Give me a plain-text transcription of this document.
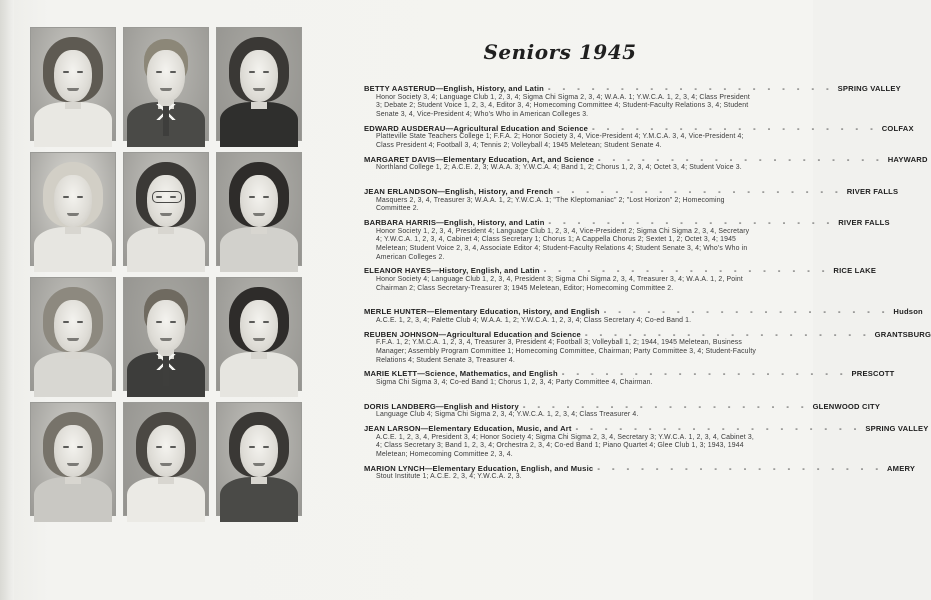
Seniors 1945
BETTY AASTERUD—English, History, and Latin - - - - - - - - - - - - - - - - - - - - SPRING VALLEY
Honor Society 3, 4; Language Club 1, 2, 3, 4; Sigma Chi Sigma 2, 3, 4; W.A.A. 1; Y.W.C.A. 1, 2, 3, 4; Class President 3; Debate 2; Student Voice 1, 2, 3, 4, Editor 3, 4; Homecoming Committee 4; Student-Faculty Relations 3, 4; Student Senate 3, 4, Vice-President 4; Who's Who in American Colleges 3.
EDWARD AUSDERAU—Agricultural Education and Science - - - - - - - - - - - - - - - - - - - - COLFAX
Platteville State Teachers College 1; F.F.A. 2; Honor Society 3, 4, Vice-President 4; Y.M.C.A. 3, 4, Vice-President 4; Class President 4; Football 3, 4; Tennis 2; Volleyball 4; 1945 Meletean; Student Senate 4.
MARGARET DAVIS—Elementary Education, Art, and Science - - - - - - - - - - - - - - - - - - - - HAYWARD
Northland College 1, 2; A.C.E. 2, 3; W.A.A. 3; Y.W.C.A. 4; Band 1, 2; Chorus 1, 2, 3, 4; Octet 3, 4; Student Voice 3.
JEAN ERLANDSON—English, History, and French - - - - - - - - - - - - - - - - - - - - RIVER FALLS
Masquers 2, 3, 4, Treasurer 3; W.A.A. 1, 2; Y.W.C.A. 1; "The Kleptomaniac" 2; "Lost Horizon" 2; Homecoming Committee 2.
BARBARA HARRIS—English, History, and Latin - - - - - - - - - - - - - - - - - - - - RIVER FALLS
Honor Society 1, 2, 3, 4, President 4; Language Club 1, 2, 3, 4, Vice-President 2; Sigma Chi Sigma 2, 3, 4, Secretary 4; Y.W.C.A. 1, 2, 3, 4, Cabinet 4; Class Secretary 1; Chorus 1; A Cappella Chorus 2; Sextet 1, 2; Octet 3, 4; 1945 Meletean; Student Voice 2, 3, 4, Associate Editor 4; Student-Faculty Relations 4; Student Senate 3, 4; Who's Who in American Colleges 2.
ELEANOR HAYES—History, English, and Latin - - - - - - - - - - - - - - - - - - - - RICE LAKE
Honor Society 4; Language Club 1, 2, 3, 4, President 3; Sigma Chi Sigma 2, 3, 4, Treasurer 3, 4; W.A.A. 1, 2, Point Chairman 2; Class Secretary-Treasurer 3; 1945 Meletean, Editor; Homecoming Committee 2.
MERLE HUNTER—Elementary Education, History, and English - - - - - - - - - - - - - - - - - - - - Hudson
A.C.E. 1, 2, 3, 4; Palette Club 4; W.A.A. 1, 2; Y.W.C.A. 1, 2, 3, 4; Class Secretary 4; Co-ed Band 1.
REUBEN JOHNSON—Agricultural Education and Science - - - - - - - - - - - - - - - - - - - - GRANTSBURG
F.F.A. 1, 2; Y.M.C.A. 1, 2, 3, 4, Treasurer 3, President 4; Football 3; Volleyball 1, 2; 1944, 1945 Meletean, Business Manager; Assembly Program Committee 1; Homecoming Committee, Chairman; Party Committee 3, 4; Student-Faculty Relations 4; Student Senate 3, Treasurer 4.
MARIE KLETT—Science, Mathematics, and English - - - - - - - - - - - - - - - - - - - - PRESCOTT
Sigma Chi Sigma 3, 4; Co-ed Band 1; Chorus 1, 2, 3, 4; Party Committee 4, Chairman.
DORIS LANDBERG—English and History - - - - - - - - - - - - - - - - - - - - GLENWOOD CITY
Language Club 4; Sigma Chi Sigma 2, 3, 4; Y.W.C.A. 1, 2, 3, 4; Class Treasurer 4.
JEAN LARSON—Elementary Education, Music, and Art - - - - - - - - - - - - - - - - - - - - SPRING VALLEY
A.C.E. 1, 2, 3, 4, President 3, 4; Honor Society 4; Sigma Chi Sigma 2, 3, 4, Secretary 3; Y.W.C.A. 1, 2, 3, 4, Cabinet 3, 4; Class Secretary 3; Band 1, 2, 3, 4; Orchestra 2, 3, 4; Co-ed Band 1; Piano Quartet 4; Glee Club 1, 3; 1943, 1944 Meletean; Homecoming Committee 2, 3, 4.
MARION LYNCH—Elementary Education, English, and Music - - - - - - - - - - - - - - - - - - - - AMERY
Stout Institute 1; A.C.E. 2, 3, 4; Y.W.C.A. 2, 3.
